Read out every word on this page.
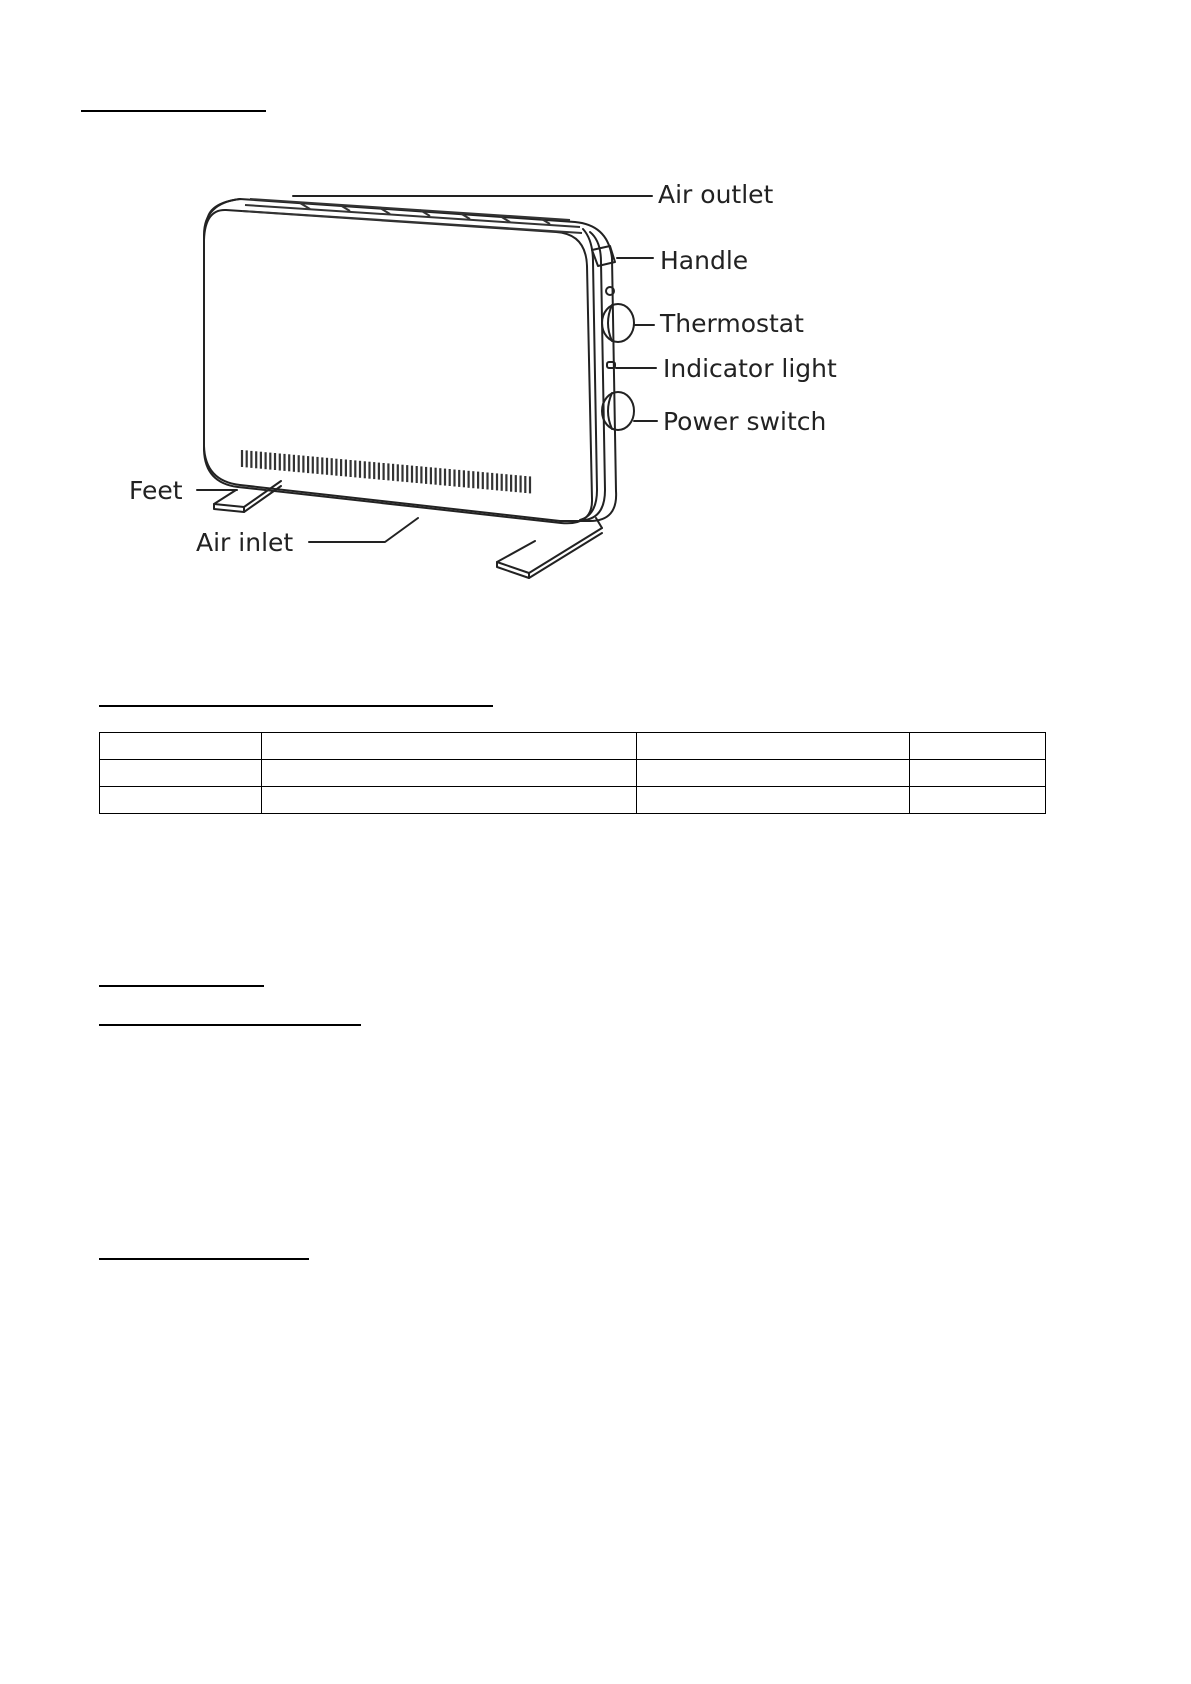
Air outlet
Handle
Thermostat
Indicator light
Power switch
Feet
Air inlet
